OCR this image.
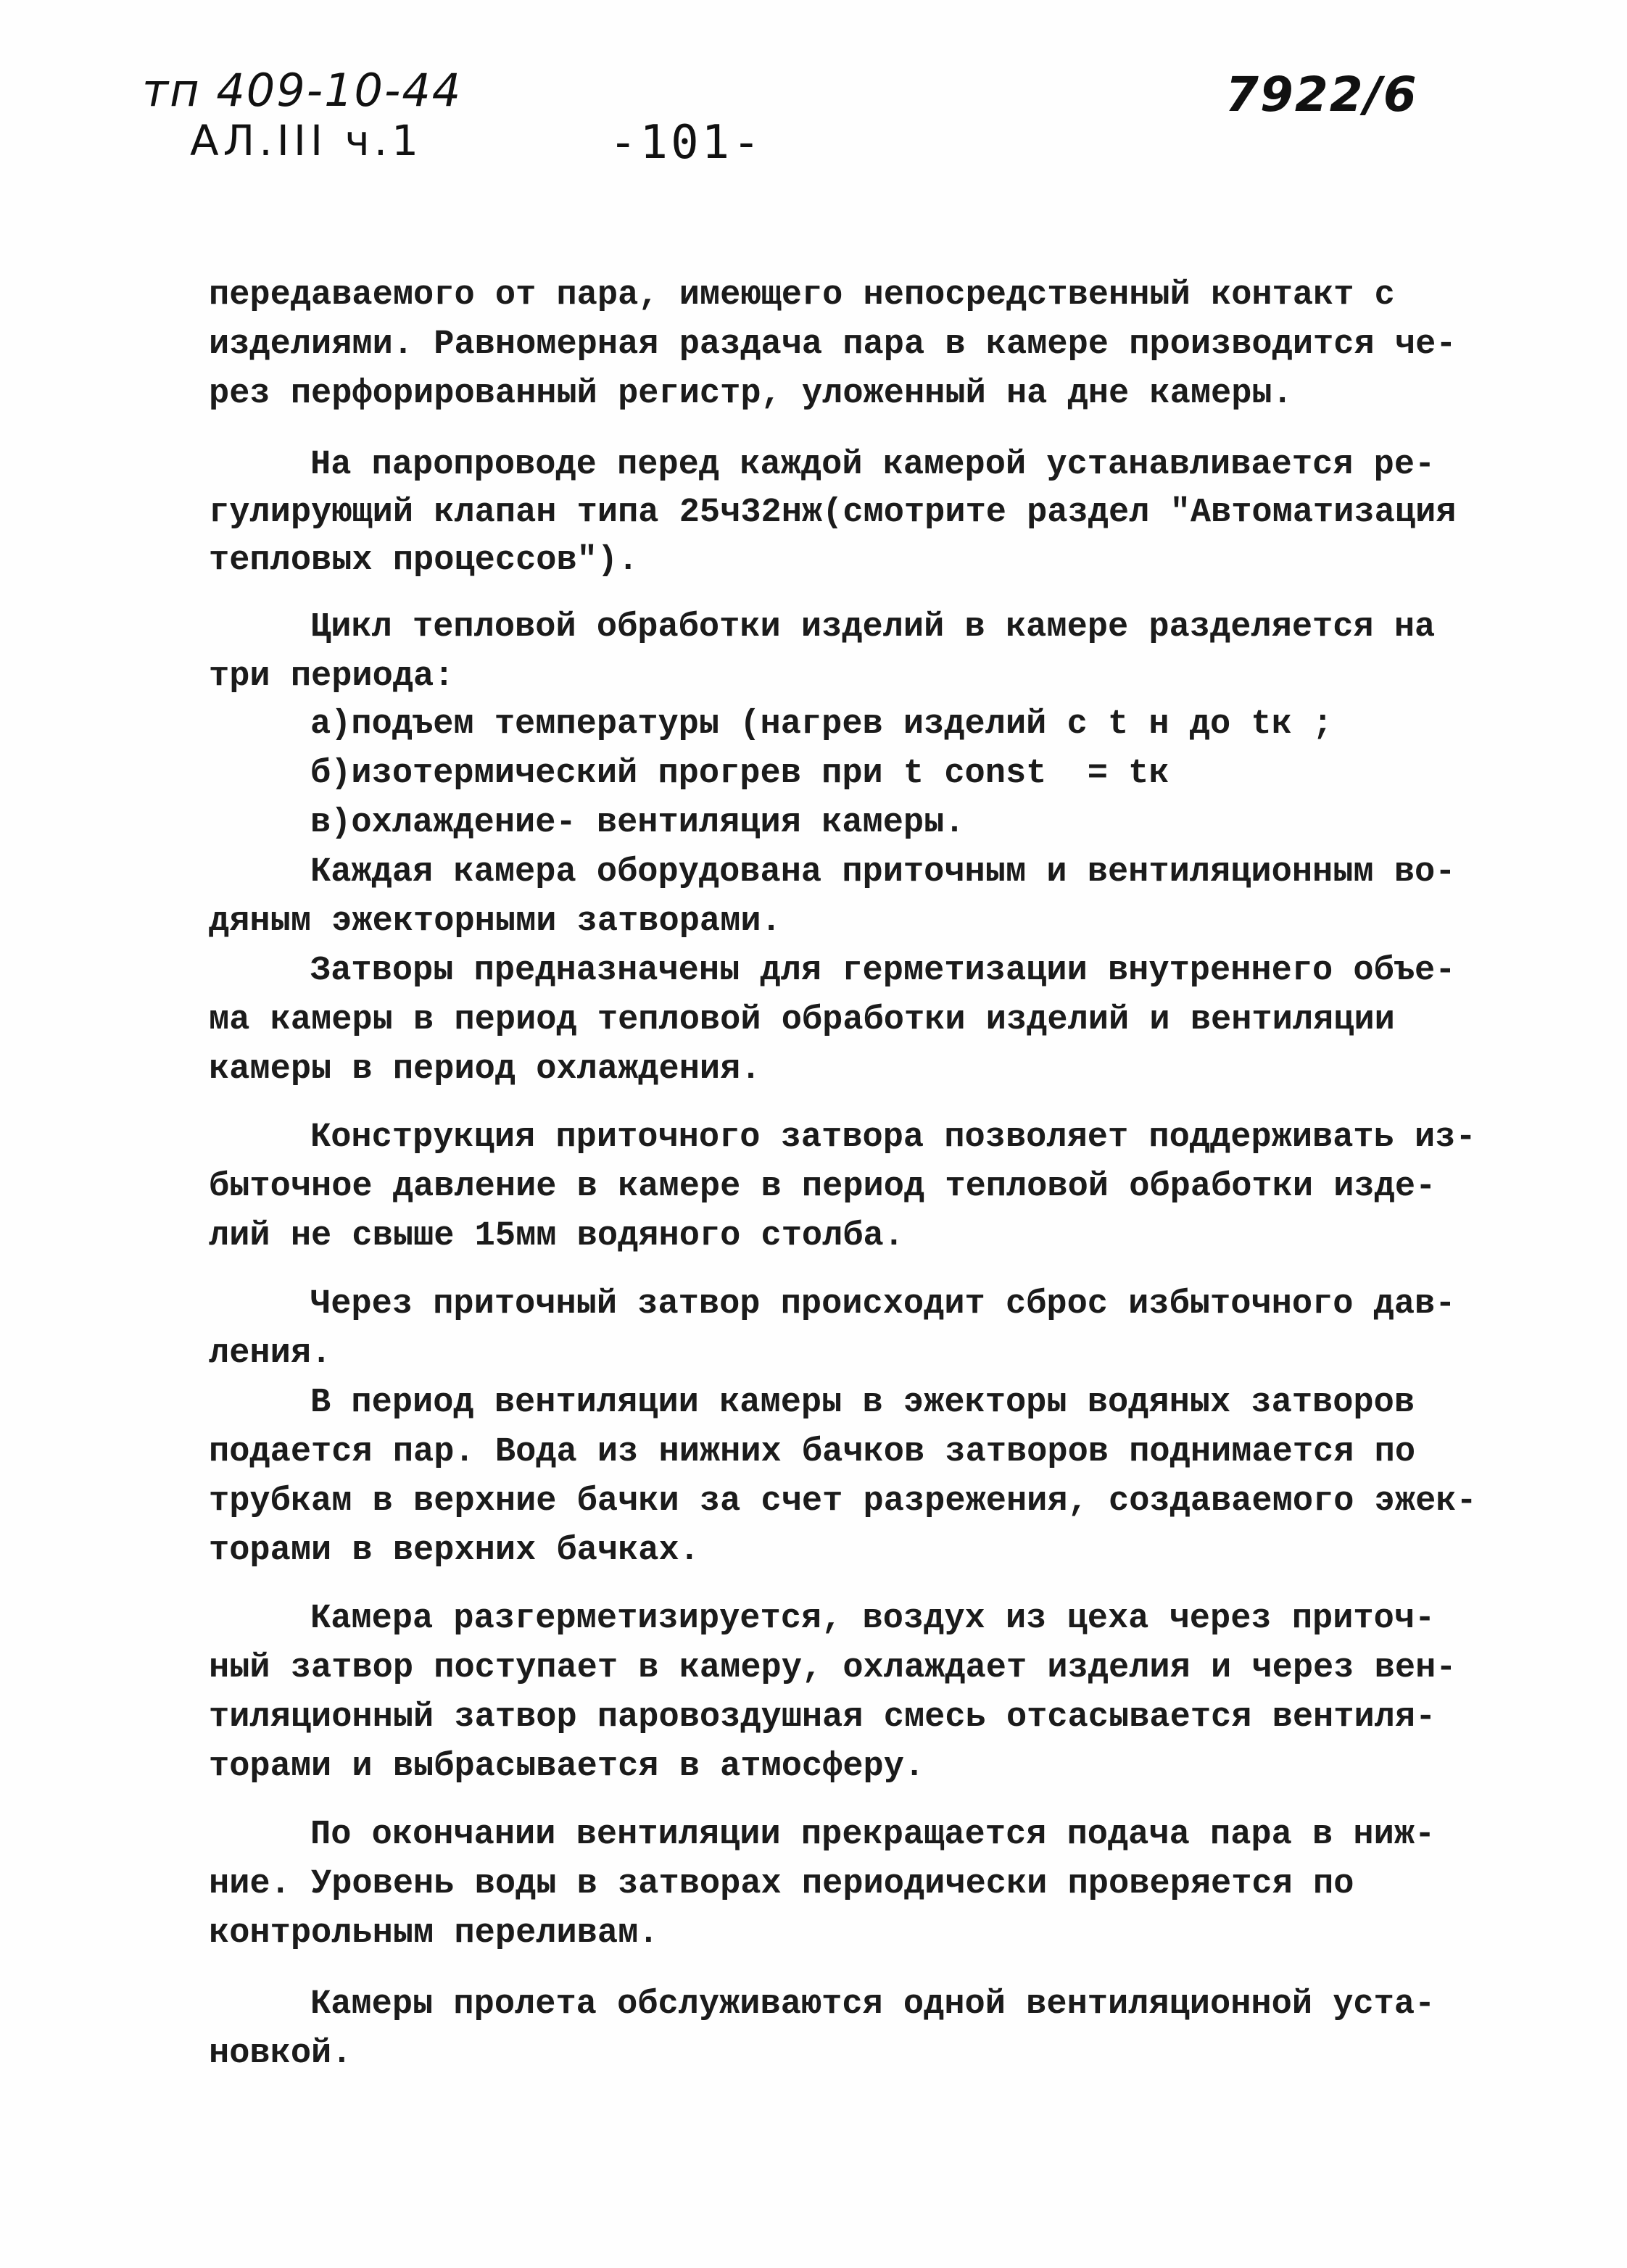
тп 409-10-44
АЛ.III ч.1	-101-
7922/6
передаваемого от пара, имеющего непосредственный контакт с
изделиями. Равномерная раздача пара в камере производится че-
рез перфорированный регистр, уложенный на дне камеры.
На паропроводе перед каждой камерой устанавливается ре-
гулирующий клапан типа 25ч32нж(смотрите раздел "Автоматизация
тепловых процессов").
Цикл тепловой обработки изделий в камере разделяется на
три периода:
а)подъем температуры (нагрев изделий с t н до tк ;
б)изотермический прогрев при t const  = tк
в)охлаждение- вентиляция камеры.
Каждая камера оборудована приточным и вентиляционным во-
дяным эжекторными затворами.
Затворы предназначены для герметизации внутреннего объе-
ма камеры в период тепловой обработки изделий и вентиляции
камеры в период охлаждения.
Конструкция приточного затвора позволяет поддерживать из-
быточное давление в камере в период тепловой обработки изде-
лий не свыше 15мм водяного столба.
Через приточный затвор происходит сброс избыточного дав-
ления.
В период вентиляции камеры в эжекторы водяных затворов
подается пар. Вода из нижних бачков затворов поднимается по
трубкам в верхние бачки за счет разрежения, создаваемого эжек-
торами в верхних бачках.
Камера разгерметизируется, воздух из цеха через приточ-
ный затвор поступает в камеру, охлаждает изделия и через вен-
тиляционный затвор паровоздушная смесь отсасывается вентиля-
торами и выбрасывается в атмосферу.
По окончании вентиляции прекращается подача пара в ниж-
ние. Уровень воды в затворах периодически проверяется по
контрольным переливам.
Камеры пролета обслуживаются одной вентиляционной уста-
новкой.
